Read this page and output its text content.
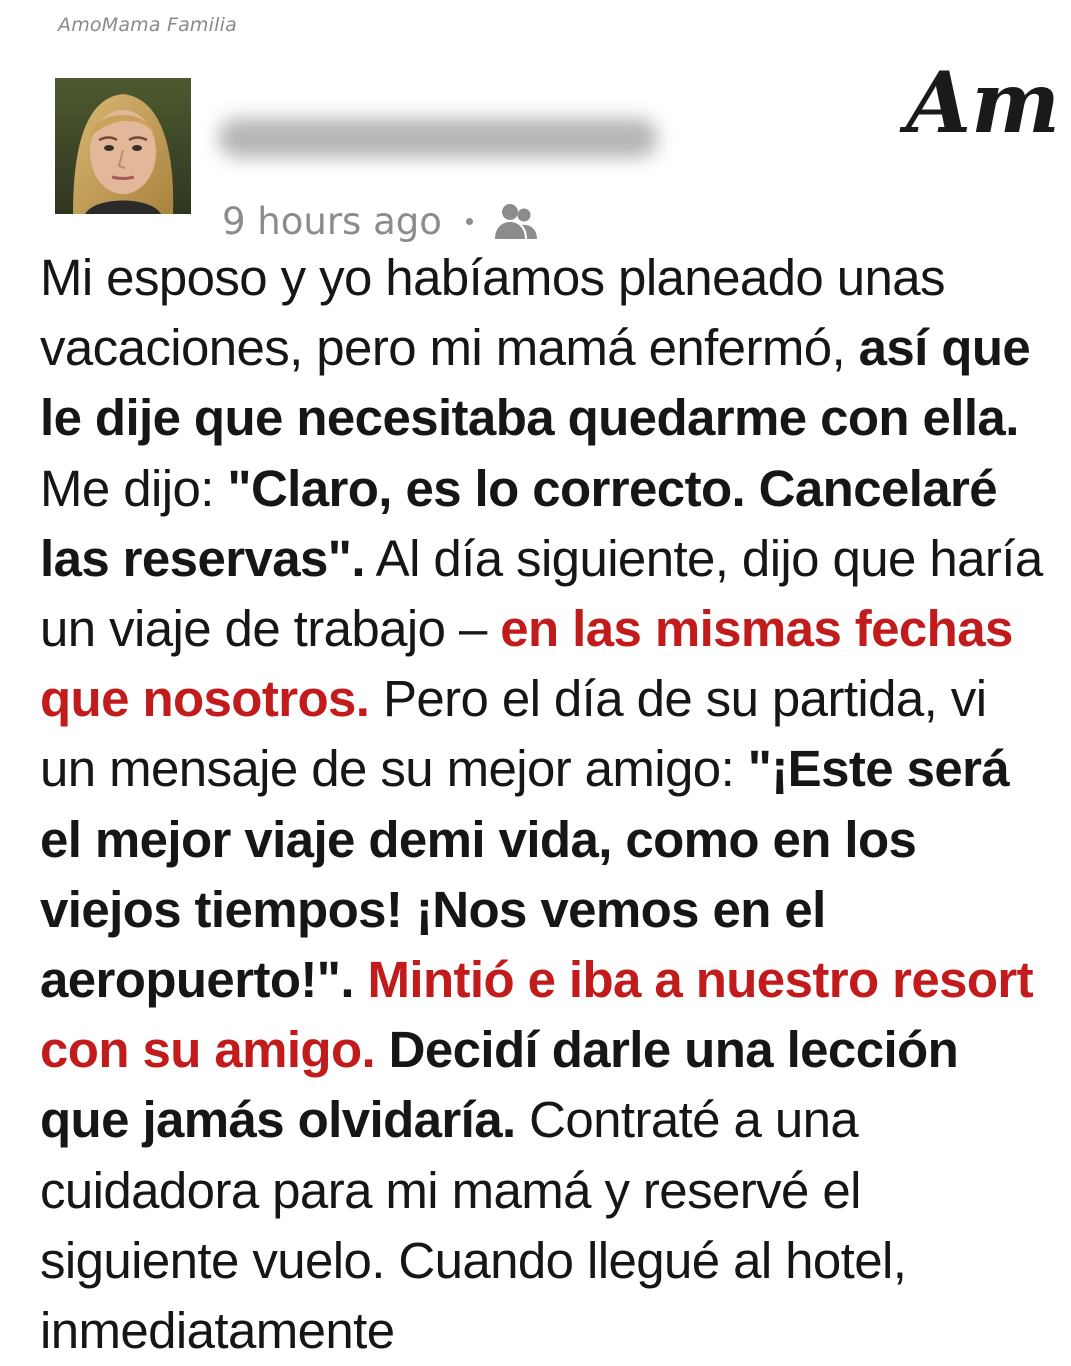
AmoMama Familia
Am
9 hours ago

Mi esposo y yo habíamos planeado unas vacaciones, pero mi mamá enfermó, así que le dije que necesitaba quedarme con ella. Me dijo: "Claro, es lo correcto. Cancelaré las reservas". Al día siguiente, dijo que haría un viaje de trabajo – en las mismas fechas que nosotros. Pero el día de su partida, vi un mensaje de su mejor amigo: "¡Este será el mejor viaje demi vida, como en los viejos tiempos! ¡Nos vemos en el aeropuerto!". Mintió e iba a nuestro resort con su amigo. Decidí darle una lección que jamás olvidaría. Contraté a una cuidadora para mi mamá y reservé el siguiente vuelo. Cuando llegué al hotel, inmediatamente
